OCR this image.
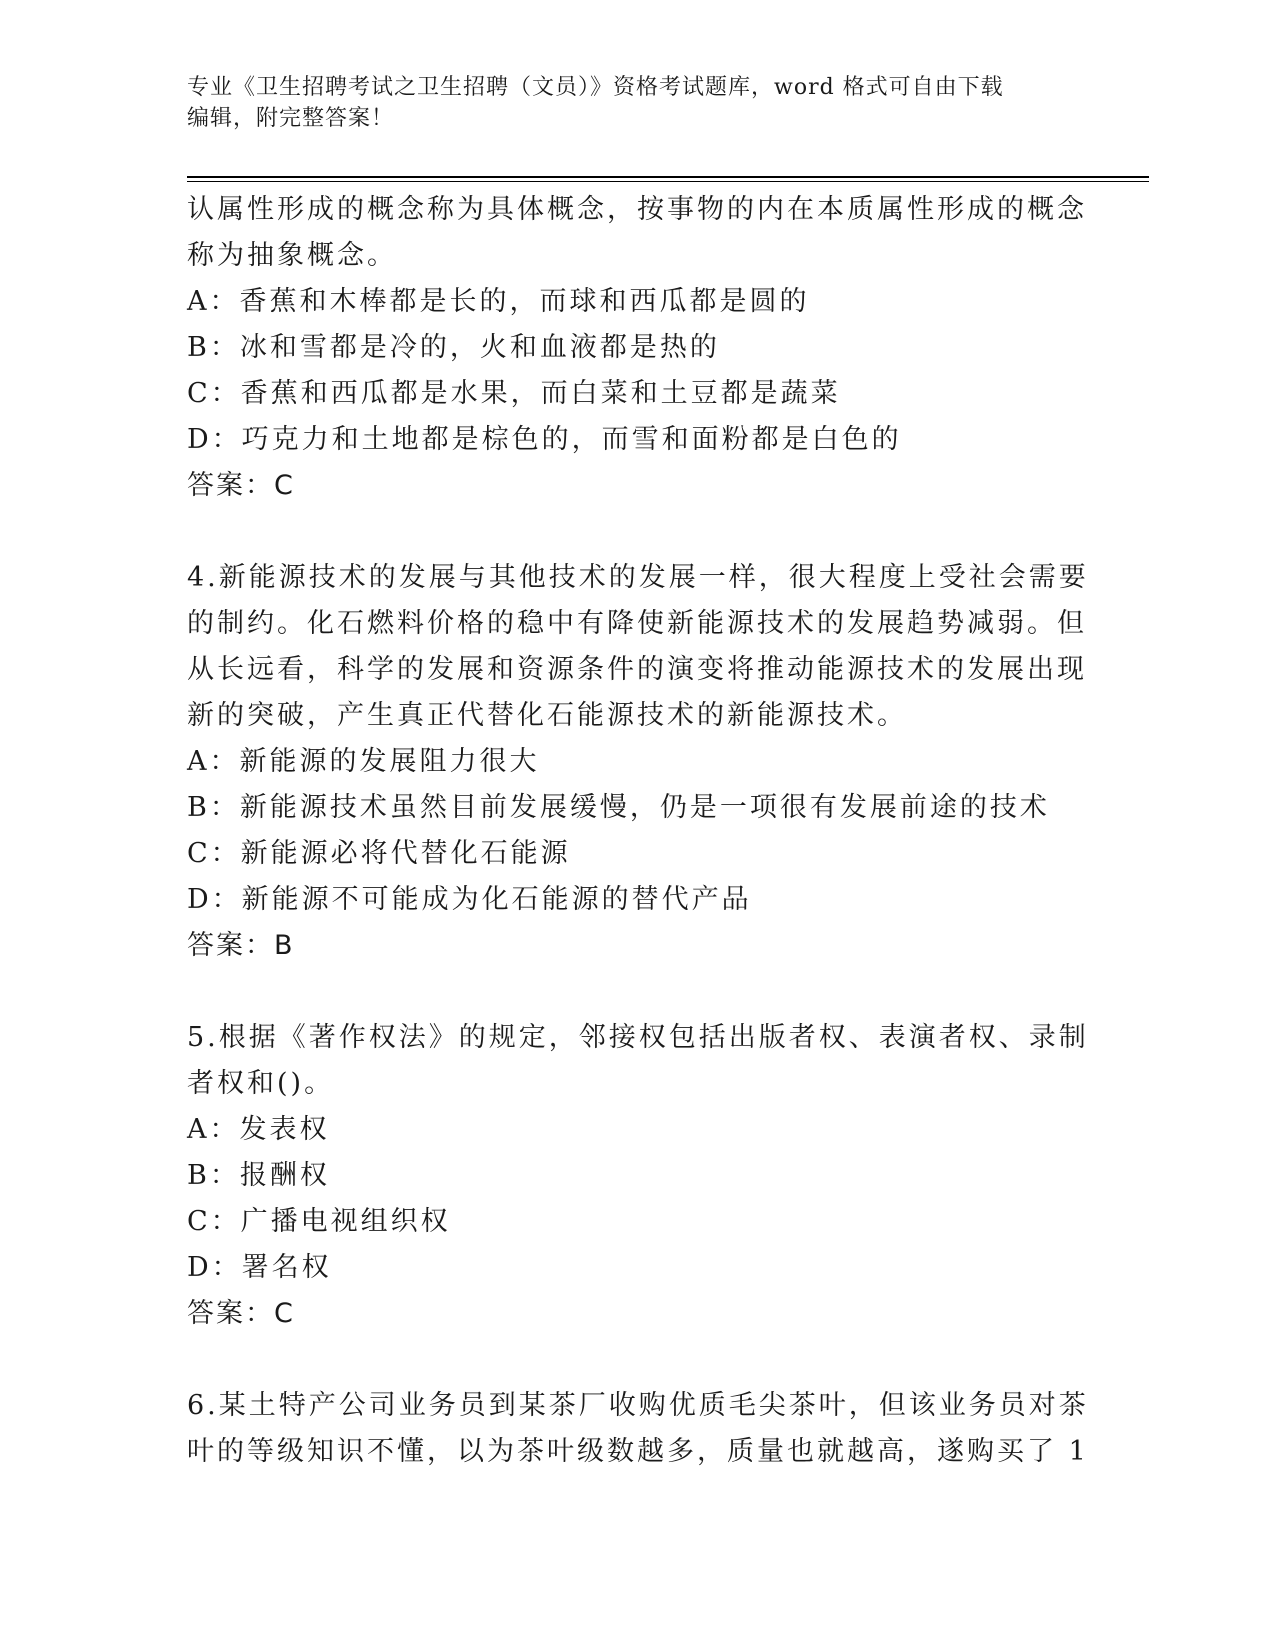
专业《卫生招聘考试之卫生招聘（文员）》资格考试题库，word 格式可自由下载
编辑，附完整答案！
认属性形成的概念称为具体概念，按事物的内在本质属性形成的概念
称为抽象概念。
A：香蕉和木棒都是长的，而球和西瓜都是圆的
B：冰和雪都是冷的，火和血液都是热的
C：香蕉和西瓜都是水果，而白菜和土豆都是蔬菜
D：巧克力和土地都是棕色的，而雪和面粉都是白色的
答案：C
4.新能源技术的发展与其他技术的发展一样，很大程度上受社会需要
的制约。化石燃料价格的稳中有降使新能源技术的发展趋势减弱。但
从长远看，科学的发展和资源条件的演变将推动能源技术的发展出现
新的突破，产生真正代替化石能源技术的新能源技术。
A：新能源的发展阻力很大
B：新能源技术虽然目前发展缓慢，仍是一项很有发展前途的技术
C：新能源必将代替化石能源
D：新能源不可能成为化石能源的替代产品
答案：B
5.根据《著作权法》的规定，邻接权包括出版者权、表演者权、录制
者权和()。
A：发表权
B：报酬权
C：广播电视组织权
D：署名权
答案：C
6.某土特产公司业务员到某茶厂收购优质毛尖茶叶，但该业务员对茶
叶的等级知识不懂，以为茶叶级数越多，质量也就越高，遂购买了 1
